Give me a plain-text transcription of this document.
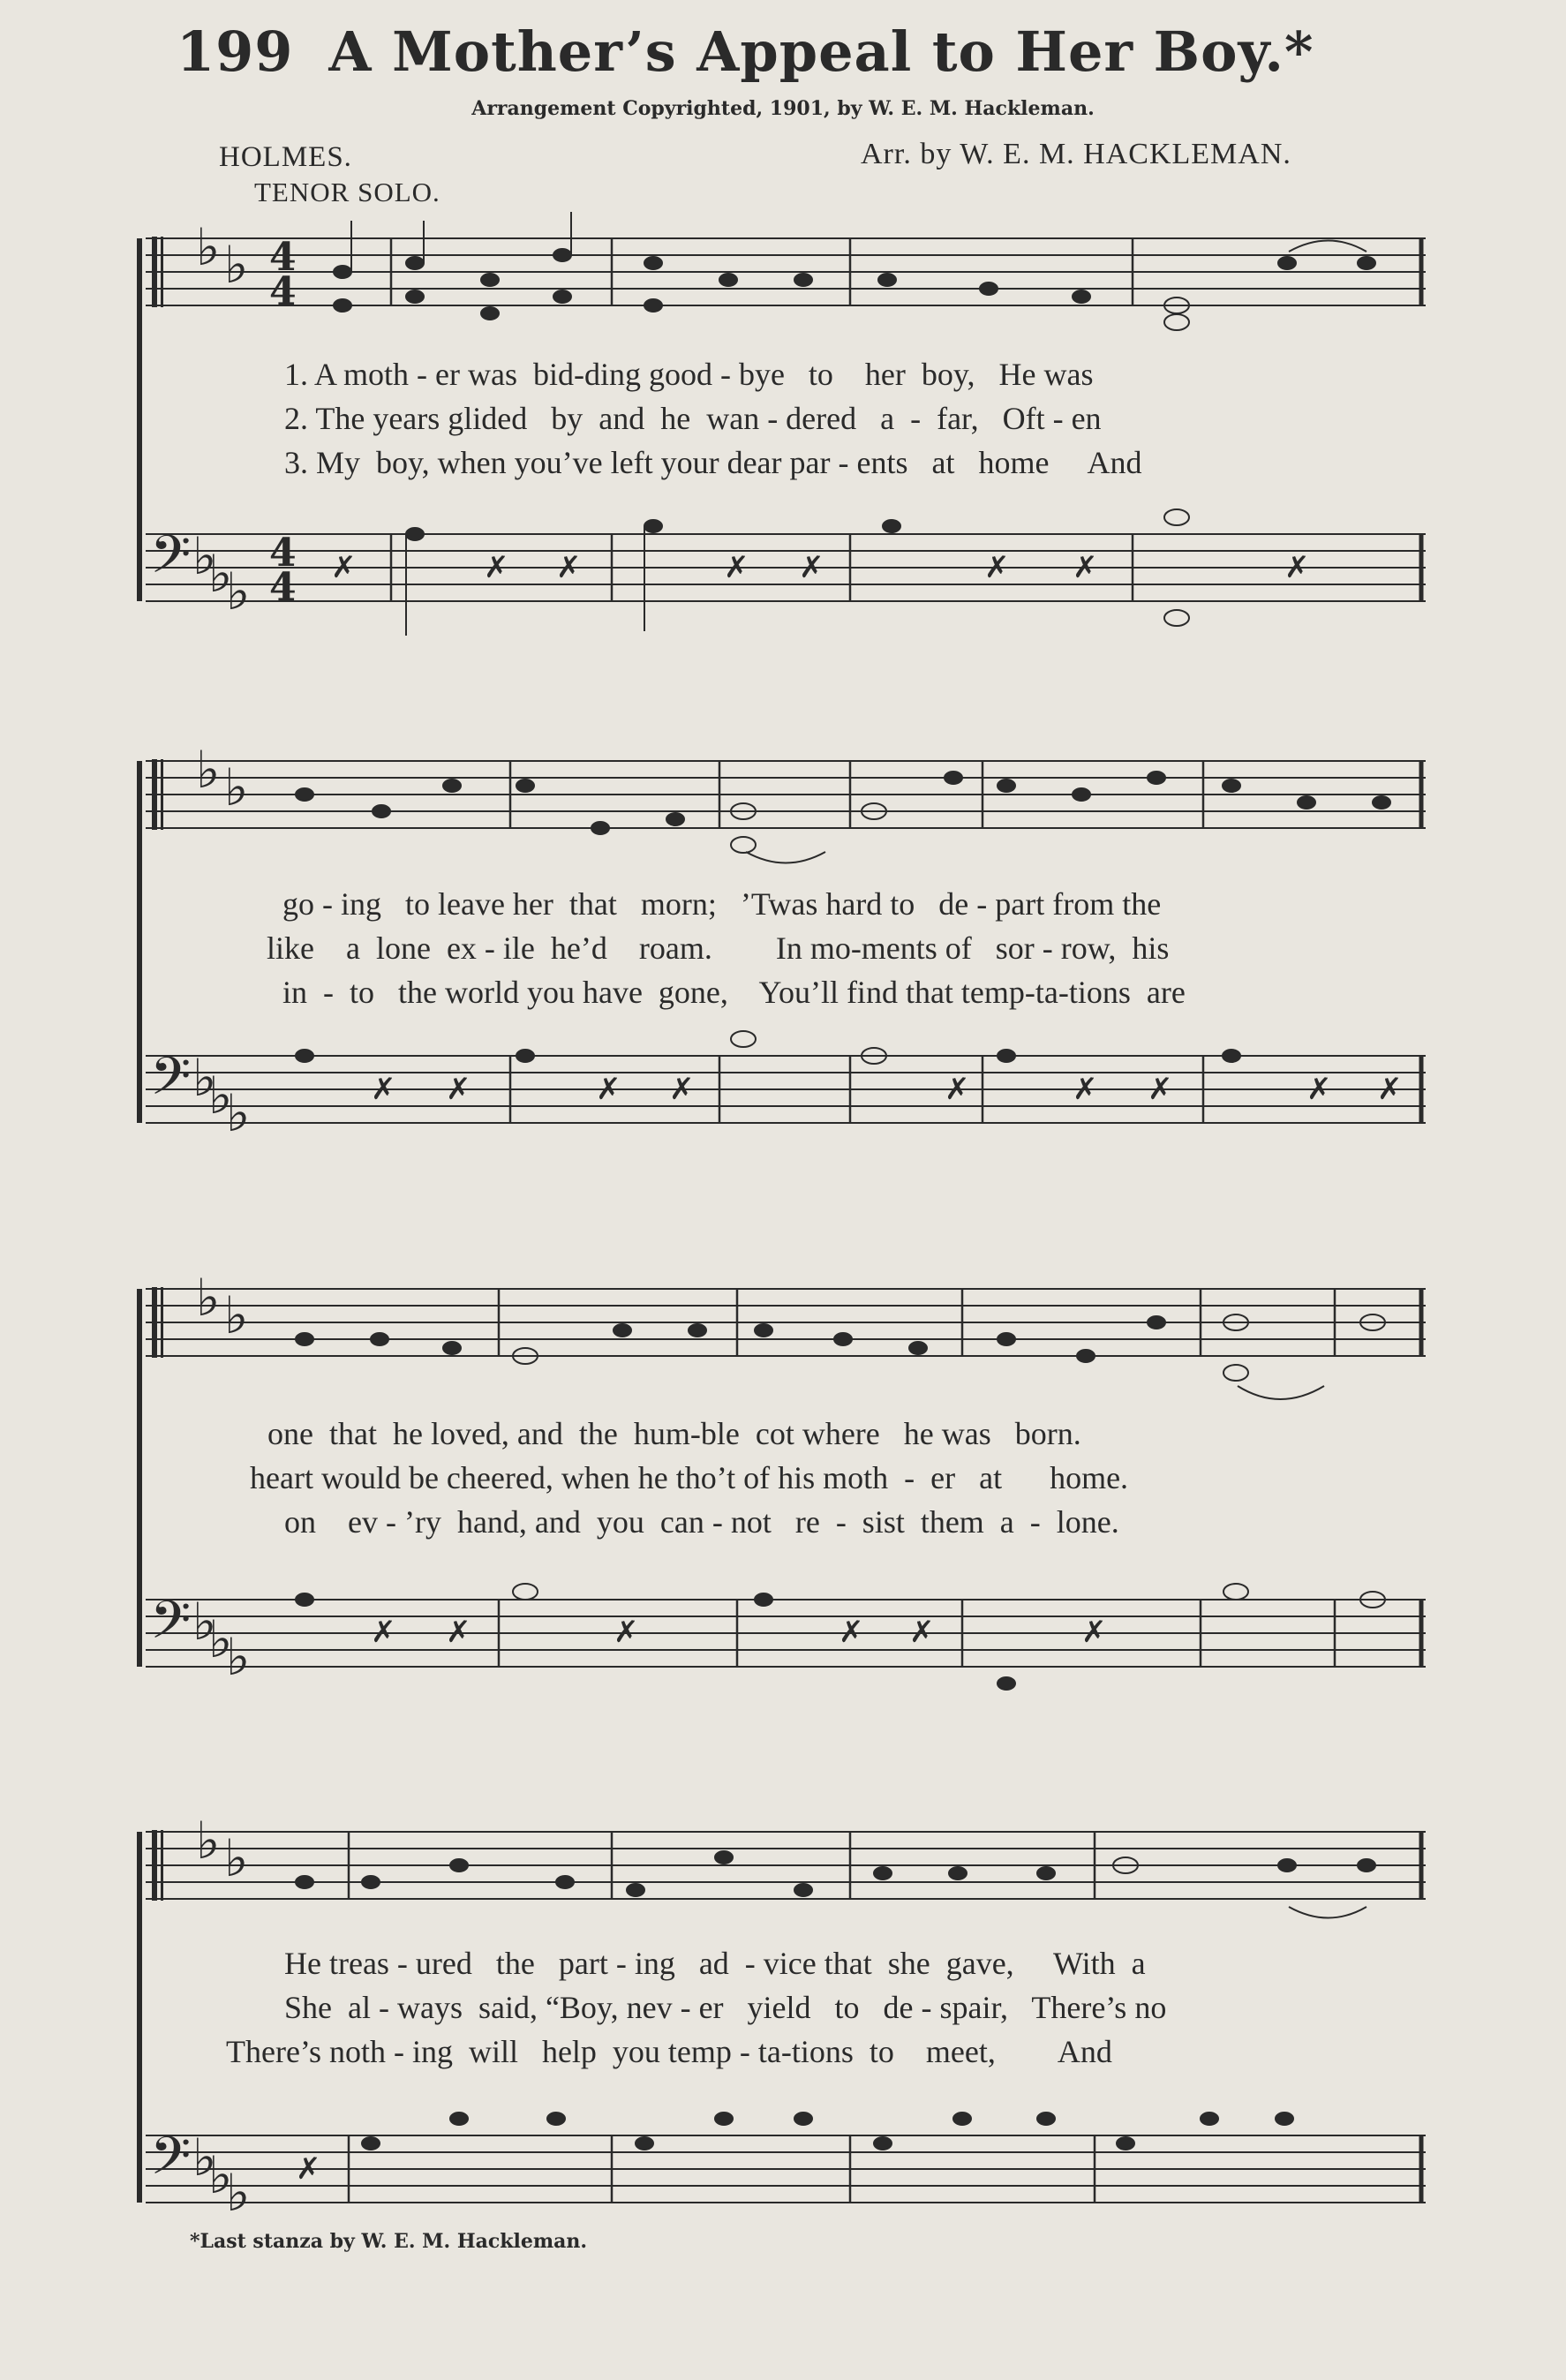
199 A Mother’s Appeal to Her Boy.*
Arrangement Copyrighted, 1901, by W. E. M. Hackleman.
HOLMES.	Arr. by W. E. M. HACKLEMAN.
TENOR SOLO.
♭ ♭
♭ ♭
♭ ♭
♭ ♭
♭
♭
♭
♭
♭
♭
♭
♭
♭
♭
♭
♭
𝄢
𝄢
𝄢
𝄢
4
4
4
4 ✗	✗ ✗	✗ ✗	✗ ✗	✗
✗ ✗	✗ ✗	✗	✗ ✗	✗ ✗
✗ ✗	✗	✗ ✗	✗
✗
1. A moth - er was  bid-ding good - bye   to    her  boy,   He was
2. The years glided   by  and  he  wan - dered   a  -  far,   Oft - en
3. My  boy, when you’ve left your dear par - ents   at   home     And
go - ing   to leave her  that   morn;   ’Twas hard to   de - part from the
like    a  lone  ex - ile  he’d    roam.        In mo-ments of   sor - row,  his
in  -  to   the world you have  gone,    You’ll find that temp-ta-tions  are
one  that  he loved, and  the  hum-ble  cot where   he was   born.
heart would be cheered, when he tho’t of his moth  -  er   at      home.
on    ev - ’ry  hand, and  you  can - not   re  -  sist  them  a  -  lone.
He treas - ured   the   part - ing   ad  - vice that  she  gave,     With  a
She  al - ways  said, “Boy, nev - er   yield   to   de - spair,   There’s no
There’s noth - ing  will   help  you temp - ta-tions  to    meet,        And
*Last stanza by W. E. M. Hackleman.
